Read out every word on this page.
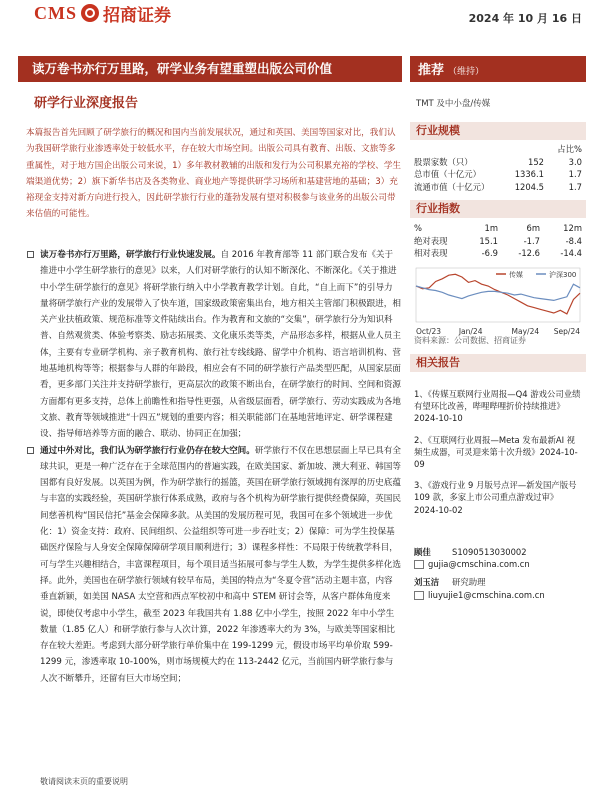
CMS 招商证券	2024 年 10 月 16 日
读万卷书亦行万里路，研学业务有望重塑出版公司价值	推荐 （维持）
研学行业深度报告
本篇报告首先回顾了研学旅行的概况和国内当前发展状况，通过和英国、美国等国家对比，我们认为我国研学旅行业渗透率处于较低水平，存在较大市场空间。出版公司具有教育、出版、文旅等多重属性，对于地方国企出版公司来说，1）多年教材教辅的出版和发行为公司积累充裕的学校、学生端渠道优势；2）旗下新华书店及各类物业、商业地产等提供研学习场所和基建营地的基础；3）充裕现金支持对新方向进行投入，因此研学旅行行业的蓬勃发展有望对积极参与该业务的出版公司带来估值的可能性。
读万卷书亦行万里路，研学旅行行业快速发展。自 2016 年教育部等 11 部门联合发布《关于推进中小学生研学旅行的意见》以来，人们对研学旅行的认知不断深化、不断深化。《关于推进中小学生研学旅行的意见》将研学旅行纳入中小学教育教学计划。自此，“自上而下”的引导力量将研学旅行产业的发展带入了快车道，国家级政策密集出台，地方相关主管部门积极跟进，相关产业扶植政策、规范标准等文件陆续出台。作为教育和文旅的“交集”，研学旅行分为知识科普、自然观赏类、体验考察类、励志拓展类、文化康乐类等类，产品形态多样，根据从业人员主体，主要有专业研学机构、亲子教育机构、旅行社专线线路、留学中介机构、语言培训机构、营地基地机构等等；根据参与人群的年龄段，相应会有不同的研学旅行产品类型匹配，从国家层面看，更多部门关注并支持研学旅行，更高层次的政策不断出台，在研学旅行的时间、空间和资源方面都有更多支持，总体上前瞻性和指导性更强，从省级层面看，研学旅行、劳动实践成为各地文旅、教育等领域推进“十四五”规划的重要内容；相关职能部门在基地营地评定、研学课程建设、指导师培养等方面的融合、联动、协同正在加强；
通过中外对比，我们认为研学旅行行业仍存在较大空间。研学旅行不仅在思想层面上早已具有全球共识，更是一种广泛存在于全球范围内的普遍实践，在欧美国家、新加坡、澳大利亚、韩国等国都有良好发展。以英国为例，作为研学旅行的摇篮，英国在研学旅行领域拥有深厚的历史底蕴与丰富的实践经验，英国研学旅行体系成熟，政府与各个机构为研学旅行提供经费保障，英国民间慈善机构“国民信托”基金会保障多款。从美国的发展历程可见，我国可在多个领域进一步优化：1）资金支持：政府、民间组织、公益组织等可进一步吞吐支；2）保障：可为学生投保基础医疗保险与人身安全保障保障研学项目顺利进行；3）课程多样性：不局限于传统教学科目，可与学生兴趣相结合，丰富课程项目，每个项目适当拓展可参与学生人数，为学生提供多样化选择。此外，美国也在研学旅行领域有较早布局，美国的特点为“冬夏令营”活动主题丰富，内容垂直新颖，如美国 NASA 太空营和西点军校初中和高中 STEM 研讨会等，从客户群体角度来说，即使仅考虑中小学生，截至 2023 年我国共有 1.88 亿中小学生，按照 2022 年中小学生数量（1.85 亿人）和研学旅行参与人次计算，2022 年渗透率大约为 3%，与欧美等国家相比存在较大差距。考虑到大部分研学旅行单价集中在 199-1299 元，假设市场平均单价取 599-1299 元，渗透率取 10-100%，则市场规模大约在 113-2442 亿元，当前国内研学旅行参与人次不断攀升，还留有巨大市场空间；
敬请阅读末页的重要说明
TMT 及中小盘/传媒
行业规模
占比%
股票家数（只）	152	3.0
总市值（十亿元）	1336.1	1.7
流通市值（十亿元）	1204.5	1.7
行业指数
%	1m	6m	12m
绝对表现	15.1	-1.7	-8.4
相对表现	-6.9	-12.6	-14.4
传媒	沪深300
Oct/23 Jan/24	May/24 Sep/24
资料来源：公司数据、招商证券
相关报告
1、《传媒互联网行业周报—Q4 游戏公司业绩有望环比改善，哔哩哔哩折价持续推进》2024-10-10
2、《互联网行业周报—Meta 发布最新AI 视频生成器，可灵迎来第十次升级》2024-10-09
3、《游戏行业 9 月版号点评—新发国产版号 109 款，多家上市公司重点游戏过审》2024-10-02
顾佳	S1090513030002
gujia@cmschina.com.cn
刘玉洁	研究助理
liuyujie1@cmschina.com.cn
